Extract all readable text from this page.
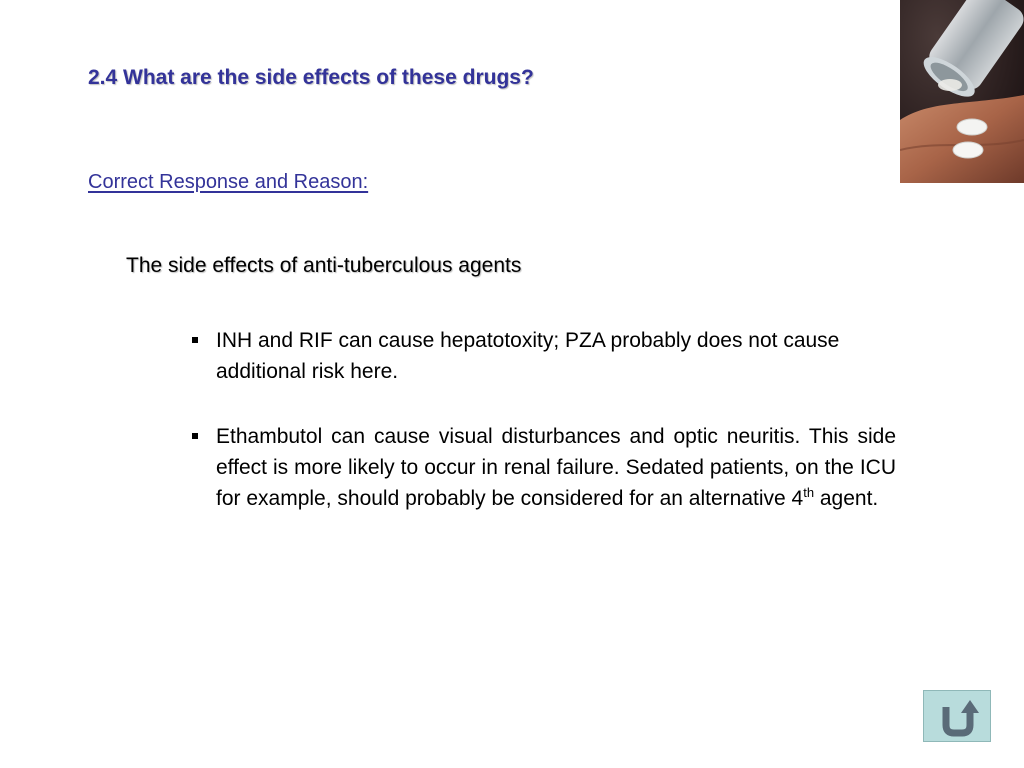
2.4 What are the side effects of these drugs?
Correct Response and Reason:
The side effects of anti-tuberculous agents
INH and RIF can cause hepatotoxity; PZA probably does not cause additional risk here.
Ethambutol can cause visual disturbances and optic neuritis. This side effect is more likely to occur in renal failure. Sedated patients, on the ICU for example, should probably be considered for an alternative 4th agent.
